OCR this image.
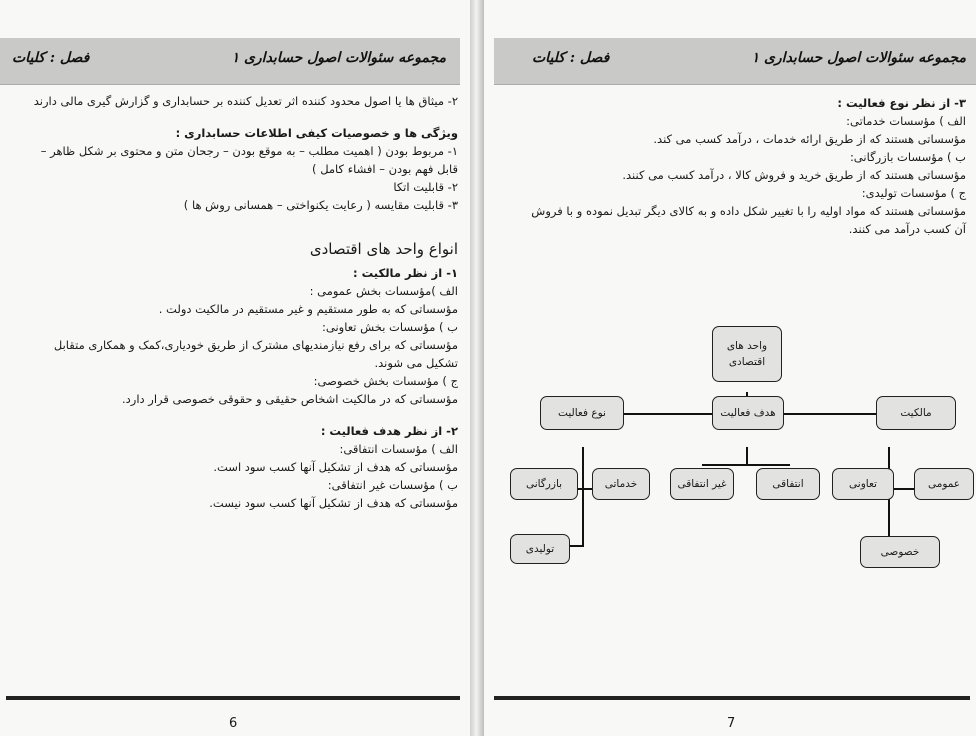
مجموعه سئوالات اصول حسابداری ۱
فصل : کلیات
۲- میثاق ها یا اصول محدود کننده اثر تعدیل کننده بر حسابداری و گزارش گیری مالی دارند
ویژگی ها و خصوصیات کیفی اطلاعات حسابداری :
۱- مربوط بودن ( اهمیت مطلب – به موقع بودن – رجحان متن و محتوی بر شکل ظاهر –
قابل فهم بودن – افشاء کامل )
۲- قابلیت اتکا
۳- قابلیت مقایسه ( رعایت یکنواختی – همسانی روش ها )
انواع واحد های اقتصادی
۱- از نظر مالکیت :
الف )مؤسسات بخش عمومی :
مؤسساتی که به طور مستقیم و غیر مستقیم در مالکیت دولت .
ب ) مؤسسات بخش تعاونی:
مؤسساتی که برای رفع نیازمندیهای مشترک از طریق خودیاری،کمک و همکاری متقابل
تشکیل می شوند.
ج ) مؤسسات بخش خصوصی:
مؤسساتی که در مالکیت اشخاص حقیقی و حقوقی خصوصی قرار دارد.
۲- از نظر هدف فعالیت :
الف ) مؤسسات انتفاقی:
مؤسساتی که هدف از تشکیل آنها کسب سود است.
ب ) مؤسسات غیر انتفاقی:
مؤسساتی که هدف از تشکیل آنها کسب سود نیست.
6
مجموعه سئوالات اصول حسابداری ۱
فصل : کلیات
۳- از نظر نوع فعالیت :
الف ) مؤسسات خدماتی:
مؤسساتی هستند که از طریق ارائه خدمات ، درآمد کسب می کند.
ب ) مؤسسات بازرگانی:
مؤسساتی هستند که از طریق خرید و فروش کالا ، درآمد کسب می کنند.
ج ) مؤسسات تولیدی:
مؤسساتی هستند که مواد اولیه را با تغییر شکل داده و به کالای دیگر تبدیل نموده و با فروش
آن کسب درآمد می کنند.
واحد های اقتصادی
نوع فعالیت	هدف فعالیت	مالکیت
بازرگانی	خدماتی	غیر انتفاقی	انتفاقی	تعاونی	عمومی
تولیدی	خصوصی
7
